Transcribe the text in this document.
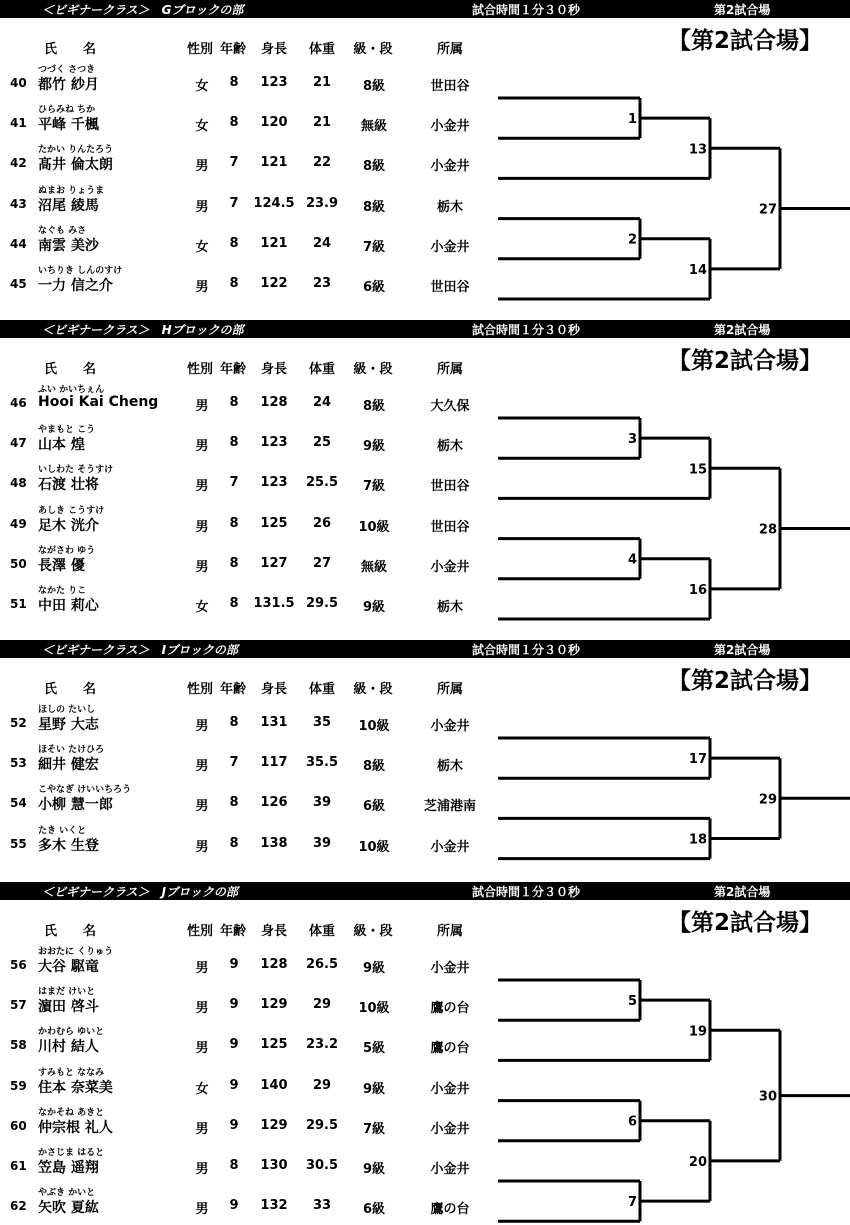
＜ビギナークラス＞　Gブロックの部	試合時間１分３０秒	第2試合場
【第2試合場】
氏　　名	性別 年齢 身長 体重 級・段	所属
つづく さつき
40 都竹 紗月	女 8 123 21 8級	世田谷
ひらみね ちか
41 平峰 千楓	女 8 120 21 無級	小金井
たかい りんたろう
42 髙井 倫太朗	男 7 121 22 8級	小金井
ぬまお りょうま
43 沼尾 綾馬	男 7 124.5 23.9 8級	栃木
なぐも みさ
44 南雲 美沙	女 8 121 24 7級	小金井
いちりき しんのすけ
45 一力 信之介	男 8 122 23 6級	世田谷
1
2
13
14
27
＜ビギナークラス＞　Hブロックの部	試合時間１分３０秒	第2試合場
【第2試合場】
氏　　名	性別 年齢 身長 体重 級・段	所属
ふい かいちぇん
46 Hooi Kai Cheng	男 8 128 24 8級	大久保
やまもと こう
47 山本 煌	男 8 123 25 9級	栃木
いしわた そうすけ
48 石渡 壮将	男 7 123 25.5 7級	世田谷
あしき こうすけ
49 足木 洸介	男 8 125 26 10級	世田谷
ながさわ ゆう
50 長澤 優	男 8 127 27 無級	小金井
なかた りこ
51 中田 莉心	女 8 131.5 29.5 9級	栃木
3
4
15
16
28
＜ビギナークラス＞　Iブロックの部	試合時間１分３０秒	第2試合場
【第2試合場】
氏　　名	性別 年齢 身長 体重 級・段	所属
ほしの たいし
52 星野 大志	男 8 131 35 10級	小金井
ほそい たけひろ
53 細井 健宏	男 7 117 35.5 8級	栃木
こやなぎ けいいちろう
54 小柳 慧一郎	男 8 126 39 6級	芝浦港南
たき いくと
55 多木 生登	男 8 138 39 10級	小金井
17
18
29
＜ビギナークラス＞　Jブロックの部	試合時間１分３０秒	第2試合場
【第2試合場】
氏　　名	性別 年齢 身長 体重 級・段	所属
おおたに くりゅう
56 大谷 駆竜	男 9 128 26.5 9級	小金井
はまだ けいと
57 濵田 啓斗	男 9 129 29 10級	鷹の台
かわむら ゆいと
58 川村 結人	男 9 125 23.2 5級	鷹の台
すみもと ななみ
59 住本 奈菜美	女 9 140 29 9級	小金井
なかそね あきと
60 仲宗根 礼人	男 9 129 29.5 7級	小金井
かさじま はると
61 笠島 遥翔	男 8 130 30.5 9級	小金井
やぶき かいと
62 矢吹 夏紘	男 9 132 33 6級	鷹の台
5
6
7
19
20
30
